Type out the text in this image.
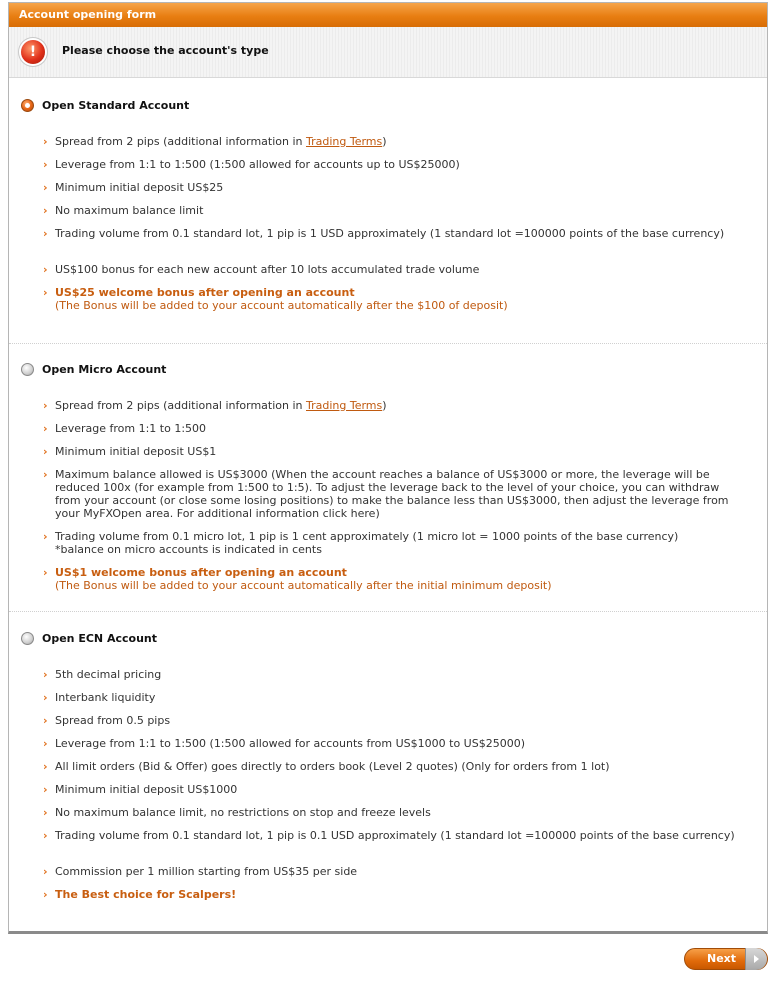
Account opening form
!	Please choose the account's type
Open Standard Account
› Spread from 2 pips (additional information in Trading Terms)
› Leverage from 1:1 to 1:500 (1:500 allowed for accounts up to US$25000)
› Minimum initial deposit US$25
› No maximum balance limit
› Trading volume from 0.1 standard lot, 1 pip is 1 USD approximately (1 standard lot =100000 points of the base currency)
› US$100 bonus for each new account after 10 lots accumulated trade volume
› US$25 welcome bonus after opening an account
(The Bonus will be added to your account automatically after the $100 of deposit)
Open Micro Account
› Spread from 2 pips (additional information in Trading Terms)
› Leverage from 1:1 to 1:500
› Minimum initial deposit US$1
› Maximum balance allowed is US$3000 (When the account reaches a balance of US$3000 or more, the leverage will be reduced 100x (for example from 1:500 to 1:5). To adjust the leverage back to the level of your choice, you can withdraw from your account (or close some losing positions) to make the balance less than US$3000, then adjust the leverage from your MyFXOpen area. For additional information click here)
› Trading volume from 0.1 micro lot, 1 pip is 1 cent approximately (1 micro lot = 1000 points of the base currency)
*balance on micro accounts is indicated in cents
› US$1 welcome bonus after opening an account
(The Bonus will be added to your account automatically after the initial minimum deposit)
Open ECN Account
› 5th decimal pricing
› Interbank liquidity
› Spread from 0.5 pips
› Leverage from 1:1 to 1:500 (1:500 allowed for accounts from US$1000 to US$25000)
› All limit orders (Bid & Offer) goes directly to orders book (Level 2 quotes) (Only for orders from 1 lot)
› Minimum initial deposit US$1000
› No maximum balance limit, no restrictions on stop and freeze levels
› Trading volume from 0.1 standard lot, 1 pip is 0.1 USD approximately (1 standard lot =100000 points of the base currency)
› Commission per 1 million starting from US$35 per side
› The Best choice for Scalpers!
Next
